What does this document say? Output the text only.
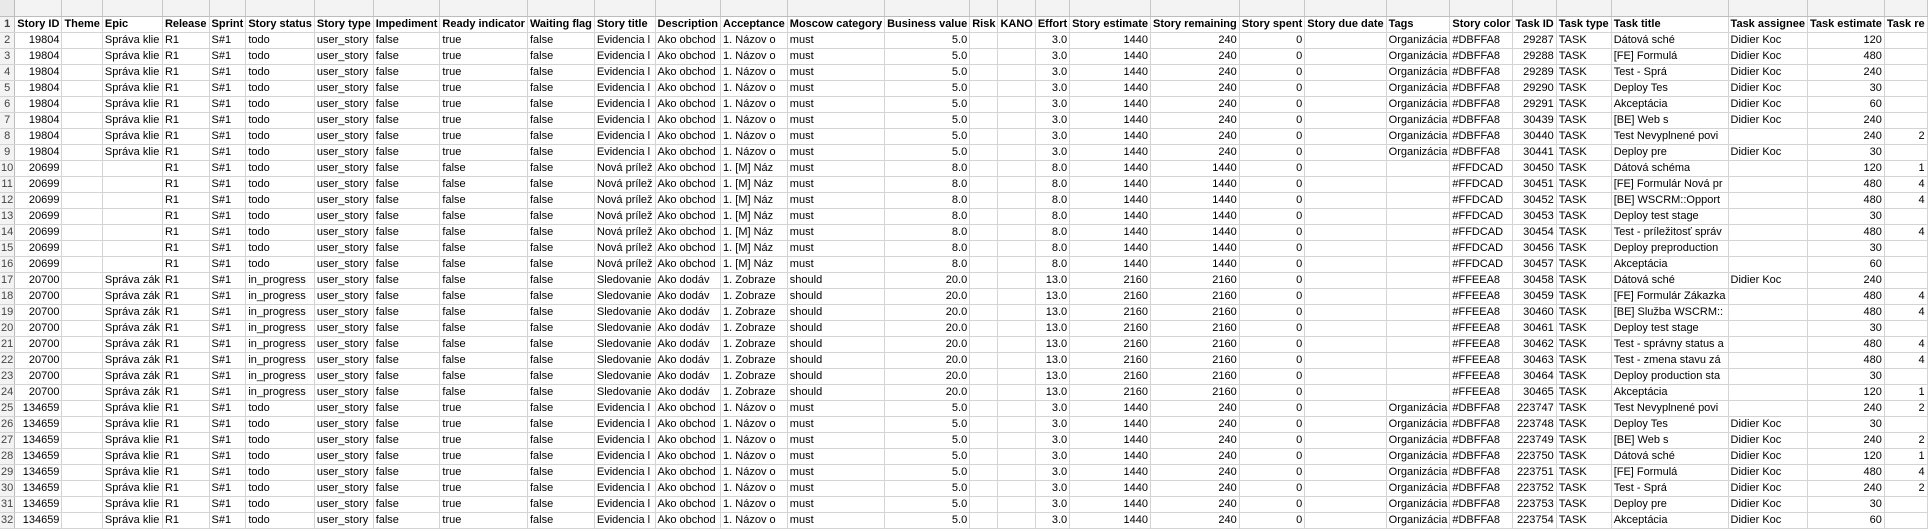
1	Story ID	Theme	Epic	Release	Sprint	Story status	Story type	Impediment	Ready indicator	Waiting flag	Story title	Description	Acceptance	Moscow category	Business value	Risk	KANO	Effort	Story estimate	Story remaining	Story spent	Story due date	Tags	Story color	Task ID	Task type	Task title	Task assignee	Task estimate	Task re
2	19804		Správa klie	R1	S#1	todo	user_story	false	true	false	Evidencia l	Ako obchod	1. Názov o	must	5.0			3.0	1440	240	0		Organizácia	#DBFFA8	29287	TASK	Dátová sché	Didier Koc	120	
3	19804		Správa klie	R1	S#1	todo	user_story	false	true	false	Evidencia l	Ako obchod	1. Názov o	must	5.0			3.0	1440	240	0		Organizácia	#DBFFA8	29288	TASK	[FE] Formulá	Didier Koc	480	
4	19804		Správa klie	R1	S#1	todo	user_story	false	true	false	Evidencia l	Ako obchod	1. Názov o	must	5.0			3.0	1440	240	0		Organizácia	#DBFFA8	29289	TASK	Test - Sprá	Didier Koc	240	
5	19804		Správa klie	R1	S#1	todo	user_story	false	true	false	Evidencia l	Ako obchod	1. Názov o	must	5.0			3.0	1440	240	0		Organizácia	#DBFFA8	29290	TASK	Deploy Tes	Didier Koc	30	
6	19804		Správa klie	R1	S#1	todo	user_story	false	true	false	Evidencia l	Ako obchod	1. Názov o	must	5.0			3.0	1440	240	0		Organizácia	#DBFFA8	29291	TASK	Akceptácia	Didier Koc	60	
7	19804		Správa klie	R1	S#1	todo	user_story	false	true	false	Evidencia l	Ako obchod	1. Názov o	must	5.0			3.0	1440	240	0		Organizácia	#DBFFA8	30439	TASK	[BE] Web s	Didier Koc	240	
8	19804		Správa klie	R1	S#1	todo	user_story	false	true	false	Evidencia l	Ako obchod	1. Názov o	must	5.0			3.0	1440	240	0		Organizácia	#DBFFA8	30440	TASK	Test Nevyplnené povi		240	2
9	19804		Správa klie	R1	S#1	todo	user_story	false	true	false	Evidencia l	Ako obchod	1. Názov o	must	5.0			3.0	1440	240	0		Organizácia	#DBFFA8	30441	TASK	Deploy pre	Didier Koc	30	
10	20699			R1	S#1	todo	user_story	false	false	false	Nová prílež	Ako obchod	1. [M] Náz	must	8.0			8.0	1440	1440	0			#FFDCAD	30450	TASK	Dátová schéma		120	1
11	20699			R1	S#1	todo	user_story	false	false	false	Nová prílež	Ako obchod	1. [M] Náz	must	8.0			8.0	1440	1440	0			#FFDCAD	30451	TASK	[FE] Formulár Nová pr		480	4
12	20699			R1	S#1	todo	user_story	false	false	false	Nová prílež	Ako obchod	1. [M] Náz	must	8.0			8.0	1440	1440	0			#FFDCAD	30452	TASK	[BE] WSCRM::Opport		480	4
13	20699			R1	S#1	todo	user_story	false	false	false	Nová prílež	Ako obchod	1. [M] Náz	must	8.0			8.0	1440	1440	0			#FFDCAD	30453	TASK	Deploy test stage		30	
14	20699			R1	S#1	todo	user_story	false	false	false	Nová prílež	Ako obchod	1. [M] Náz	must	8.0			8.0	1440	1440	0			#FFDCAD	30454	TASK	Test - príležitosť správ		480	4
15	20699			R1	S#1	todo	user_story	false	false	false	Nová prílež	Ako obchod	1. [M] Náz	must	8.0			8.0	1440	1440	0			#FFDCAD	30456	TASK	Deploy preproduction		30	
16	20699			R1	S#1	todo	user_story	false	false	false	Nová prílež	Ako obchod	1. [M] Náz	must	8.0			8.0	1440	1440	0			#FFDCAD	30457	TASK	Akceptácia		60	
17	20700		Správa zák	R1	S#1	in_progress	user_story	false	false	false	Sledovanie	Ako dodáv	1. Zobraze	should	20.0			13.0	2160	2160	0			#FFEEA8	30458	TASK	Dátová sché	Didier Koc	240	
18	20700		Správa zák	R1	S#1	in_progress	user_story	false	false	false	Sledovanie	Ako dodáv	1. Zobraze	should	20.0			13.0	2160	2160	0			#FFEEA8	30459	TASK	[FE] Formulár Zákazka		480	4
19	20700		Správa zák	R1	S#1	in_progress	user_story	false	false	false	Sledovanie	Ako dodáv	1. Zobraze	should	20.0			13.0	2160	2160	0			#FFEEA8	30460	TASK	[BE] Služba WSCRM::		480	4
20	20700		Správa zák	R1	S#1	in_progress	user_story	false	false	false	Sledovanie	Ako dodáv	1. Zobraze	should	20.0			13.0	2160	2160	0			#FFEEA8	30461	TASK	Deploy test stage		30	
21	20700		Správa zák	R1	S#1	in_progress	user_story	false	false	false	Sledovanie	Ako dodáv	1. Zobraze	should	20.0			13.0	2160	2160	0			#FFEEA8	30462	TASK	Test - správny status a		480	4
22	20700		Správa zák	R1	S#1	in_progress	user_story	false	false	false	Sledovanie	Ako dodáv	1. Zobraze	should	20.0			13.0	2160	2160	0			#FFEEA8	30463	TASK	Test - zmena stavu zá		480	4
23	20700		Správa zák	R1	S#1	in_progress	user_story	false	false	false	Sledovanie	Ako dodáv	1. Zobraze	should	20.0			13.0	2160	2160	0			#FFEEA8	30464	TASK	Deploy production sta		30	
24	20700		Správa zák	R1	S#1	in_progress	user_story	false	false	false	Sledovanie	Ako dodáv	1. Zobraze	should	20.0			13.0	2160	2160	0			#FFEEA8	30465	TASK	Akceptácia		120	1
25	134659		Správa klie	R1	S#1	todo	user_story	false	true	false	Evidencia l	Ako obchod	1. Názov o	must	5.0			3.0	1440	240	0		Organizácia	#DBFFA8	223747	TASK	Test Nevyplnené povi		240	2
26	134659		Správa klie	R1	S#1	todo	user_story	false	true	false	Evidencia l	Ako obchod	1. Názov o	must	5.0			3.0	1440	240	0		Organizácia	#DBFFA8	223748	TASK	Deploy Tes	Didier Koc	30	
27	134659		Správa klie	R1	S#1	todo	user_story	false	true	false	Evidencia l	Ako obchod	1. Názov o	must	5.0			3.0	1440	240	0		Organizácia	#DBFFA8	223749	TASK	[BE] Web s	Didier Koc	240	2
28	134659		Správa klie	R1	S#1	todo	user_story	false	true	false	Evidencia l	Ako obchod	1. Názov o	must	5.0			3.0	1440	240	0		Organizácia	#DBFFA8	223750	TASK	Dátová sché	Didier Koc	120	1
29	134659		Správa klie	R1	S#1	todo	user_story	false	true	false	Evidencia l	Ako obchod	1. Názov o	must	5.0			3.0	1440	240	0		Organizácia	#DBFFA8	223751	TASK	[FE] Formulá	Didier Koc	480	4
30	134659		Správa klie	R1	S#1	todo	user_story	false	true	false	Evidencia l	Ako obchod	1. Názov o	must	5.0			3.0	1440	240	0		Organizácia	#DBFFA8	223752	TASK	Test - Sprá	Didier Koc	240	2
31	134659		Správa klie	R1	S#1	todo	user_story	false	true	false	Evidencia l	Ako obchod	1. Názov o	must	5.0			3.0	1440	240	0		Organizácia	#DBFFA8	223753	TASK	Deploy pre	Didier Koc	30	
32	134659		Správa klie	R1	S#1	todo	user_story	false	true	false	Evidencia l	Ako obchod	1. Názov o	must	5.0			3.0	1440	240	0		Organizácia	#DBFFA8	223754	TASK	Akceptácia	Didier Koc	60	
